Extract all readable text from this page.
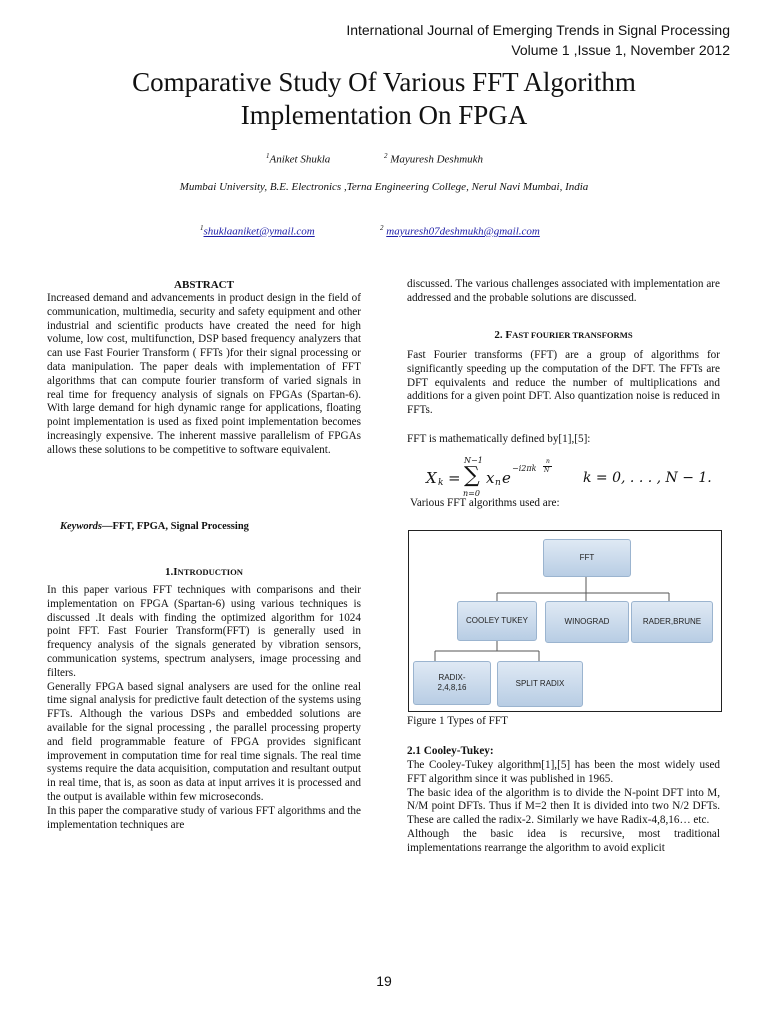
International Journal of Emerging Trends in Signal Processing
Volume 1 ,Issue 1, November 2012
Comparative Study Of Various FFT Algorithm
Implementation On FPGA
$^1$Aniket Shukla	$^2$ Mayuresh Deshmukh
Mumbai University, B.E. Electronics ,Terna Engineering College, Nerul Navi Mumbai, India
$^1$shuklaaniket@ymail.com	$^2$ mayuresh07deshmukh@gmail.com
ABSTRACT
Increased demand and advancements in product design in the field of communication, multimedia, security and safety equipment and other industrial and scientific products have created the need for high volume, low cost, multifunction, DSP based frequency analyzers that can use Fast Fourier Transform ( FFTs )for their signal processing or data manipulation. The paper deals with implementation of FFT algorithms that can compute fourier transform of varied signals in real time for frequency analysis of signals on FPGAs (Spartan-6). With large demand for high dynamic range for applications, floating point implementation is used as fixed point implementation becomes increasingly expensive. The inherent massive parallelism of FPGAs allows these solutions to be competitive to software equivalent.
Keywords—FFT, FPGA, Signal Processing
1.INTRODUCTION

In this paper various FFT techniques with comparisons and their implementation on FPGA (Spartan-6) using various techniques is discussed .It deals with finding the optimized algorithm for 1024 point FFT. Fast Fourier Transform(FFT) is generally used in frequency analysis of the signals generated by vibration sensors, communication systems, spectrum analysers, image processing and filters.

Generally FPGA based signal analysers are used for the online real time signal analysis for predictive fault detection of the systems using FFTs. Although the various DSPs and embedded solutions are available for the signal processing , the parallel processing property and field programmable feature of FPGA provides significant improvement in computation time for real time signals. The real time systems require the data acquisition, computation and resultant output in real time, that is, as soon as data at input arrives it is processed and the output is available within few microseconds.

In this paper the comparative study of various FFT algorithms and the implementation techniques are

discussed. The various challenges associated with implementation are addressed and the probable solutions are discussed.
2. FAST FOURIER TRANSFORMS
Fast Fourier transforms (FFT) are a group of algorithms for significantly speeding up the computation of the DFT. The FFTs are DFT equivalents and reduce the number of multiplications and additions for a given point DFT. Also quantization noise is reduced in FFTs.
FFT is mathematically defined by[1],[5]:
X k =
N−1
∑
n=0
x n e
−i2πk
n
N k = 0, . . . , N − 1.
Various FFT algorithms used are:
FFT
COOLEY TUKEY	WINOGRAD	RADER,BRUNE
RADIX-2,4,8,16	SPLIT RADIX
Figure 1 Types of FFT
2.1 Cooley-Tukey:

The Cooley-Tukey algorithm[1],[5] has been the most widely used FFT algorithm since it was published in 1965.

The basic idea of the algorithm is to divide the N-point DFT into M, N/M point DFTs. Thus if M=2 then It is divided into two N/2 DFTs. These are called the radix-2. Similarly we have Radix-4,8,16… etc.

Although the basic idea is recursive, most traditional implementations rearrange the algorithm to avoid explicit

19
